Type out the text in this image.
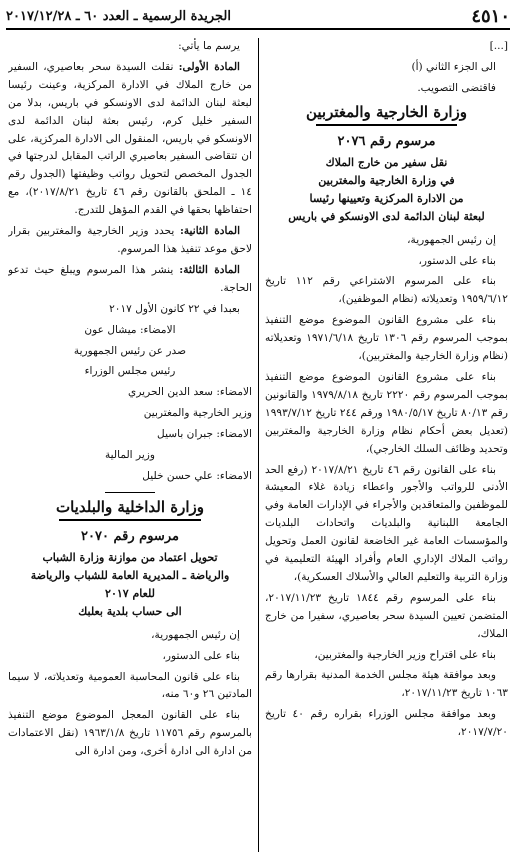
٤٥١٠
الجريدة الرسمية ـ العدد ٦٠ ـ ٢٠١٧/١٢/٢٨

[...]

الى الجزء الثاني (أ)

فاقتضى التصويب.

وزارة الخارجية والمغتربين
مرسوم رقم ٢٠٧٦
نقل سفير من خارج الملاك
في وزارة الخارجية والمغتربين
من الادارة المركزية وتعيينها رئيسا
لبعثة لبنان الدائمة لدى الاونسكو في باريس

إن رئيس الجمهورية،

بناء على الدستور،

بناء على المرسوم الاشتراعي رقم ١١٢ تاريخ ١٩٥٩/٦/١٢ وتعديلاته (نظام الموظفين)،

بناء على مشروع القانون الموضوع موضع التنفيذ بموجب المرسوم رقم ١٣٠٦ تاريخ ١٩٧١/٦/١٨ وتعديلاته (نظام وزارة الخارجية والمغتربين)،

بناء على مشروع القانون الموضوع موضع التنفيذ بموجب المرسوم رقم ٢٢٢٠ تاريخ ١٩٧٩/٨/١٨ والقانونين رقم ٨٠/١٣ تاريخ ١٩٨٠/٥/١٧ ورقم ٢٤٤ تاريخ ١٩٩٣/٧/١٢ (تعديل بعض أحكام نظام وزارة الخارجية والمغتربين وتحديد وظائف السلك الخارجي)،

بناء على القانون رقم ٤٦ تاريخ ٢٠١٧/٨/٢١ (رفع الحد الأدنى للرواتب والأجور واعطاء زيادة غلاء المعيشة للموظفين والمتعاقدين والأجراء في الإدارات العامة وفي الجامعة اللبنانية والبلديات واتحادات البلديات والمؤسسات العامة غير الخاضعة لقانون العمل وتحويل رواتب الملاك الإداري العام وأفراد الهيئة التعليمية في وزارة التربية والتعليم العالي والأسلاك العسكرية)،

بناء على المرسوم رقم ١٨٤٤ تاريخ ٢٠١٧/١١/٢٣، المتضمن تعيين السيدة سحر بعاصيري، سفيرا من خارج الملاك،

بناء على اقتراح وزير الخارجية والمغتربين،

وبعد موافقة هيئة مجلس الخدمة المدنية بقرارها رقم ١٠٦٣ تاريخ ٢٠١٧/١١/٢٣،

وبعد موافقة مجلس الوزراء بقراره رقم ٤٠ تاريخ ٢٠١٧/٧/٢٠،

يرسم ما يأتي:

المادة الأولى: نقلت السيدة سحر بعاصيري، السفير من خارج الملاك في الادارة المركزية، وعينت رئيسا لبعثة لبنان الدائمة لدى الاونسكو في باريس، بدلا من السفير خليل كرم، رئيس بعثة لبنان الدائمة لدى الاونسكو في باريس، المنقول الى الادارة المركزية، على ان تتقاضى السفير بعاصيري الراتب المقابل لدرجتها في الجدول المخصص لتحويل رواتب وظيفتها (الجدول رقم ١٤ ـ الملحق بالقانون رقم ٤٦ تاريخ ٢٠١٧/٨/٢١)، مع احتفاظها بحقها في القدم المؤهل للتدرج.

المادة الثانية: يحدد وزير الخارجية والمغتربين بقرار لاحق موعد تنفيذ هذا المرسوم.

المادة الثالثة: ينشر هذا المرسوم ويبلغ حيث تدعو الحاجة.

بعبدا في ٢٢ كانون الأول ٢٠١٧

الامضاء: ميشال عون

صدر عن رئيس الجمهورية

رئيس مجلس الوزراء

الامضاء: سعد الدين الحريري

وزير الخارجية والمغتربين

الامضاء: جبران باسيل

وزير المالية

الامضاء: علي حسن خليل

وزارة الداخلية والبلديات
مرسوم رقم ٢٠٧٠
تحويل اعتماد من موازنة وزارة الشباب
والرياضة ـ المديرية العامة للشباب والرياضة
للعام ٢٠١٧
الى حساب بلدية بعلبك

إن رئيس الجمهورية،

بناء على الدستور،

بناء على قانون المحاسبة العمومية وتعديلاته، لا سيما المادتين ٢٦ و٦٠ منه،

بناء على القانون المعجل الموضوع موضع التنفيذ بالمرسوم رقم ١١٧٥٦ تاريخ ١٩٦٣/١/٨ (نقل الاعتمادات من ادارة الى ادارة أخرى، ومن ادارة الى
